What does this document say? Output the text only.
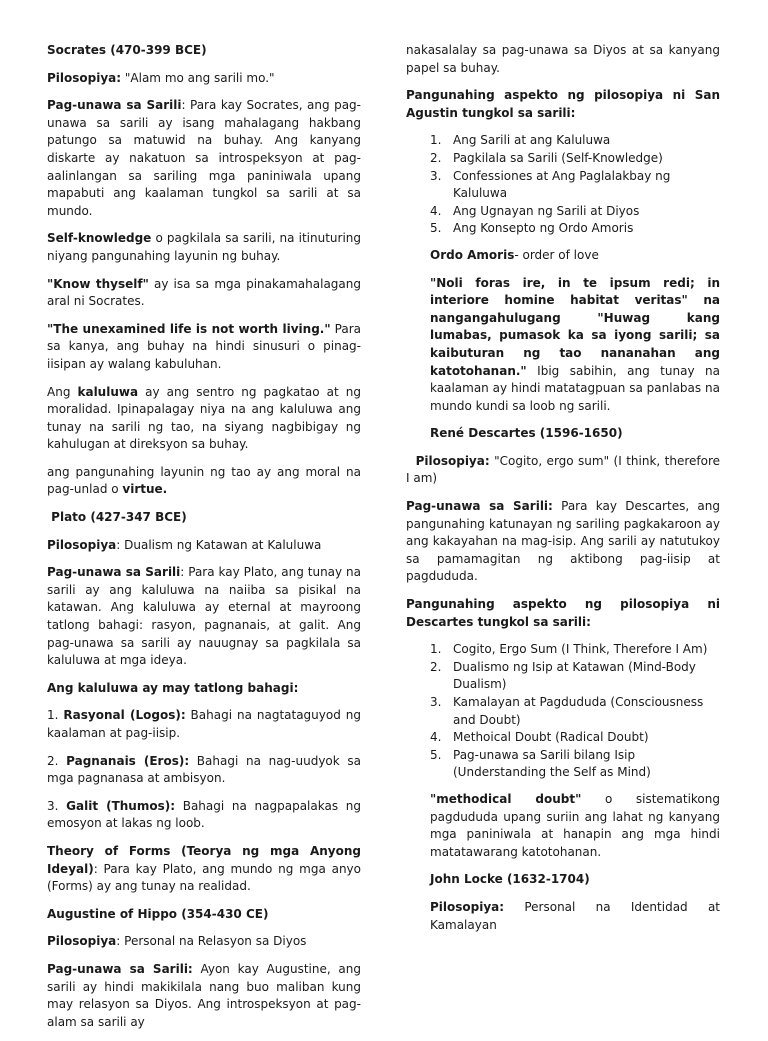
Socrates (470-399 BCE)

Pilosopiya: "Alam mo ang sarili mo."

Pag-unawa sa Sarili: Para kay Socrates, ang pag-unawa sa sarili ay isang mahalagang hakbang patungo sa matuwid na buhay. Ang kanyang diskarte ay nakatuon sa introspeksyon at pag-aalinlangan sa sariling mga paniniwala upang mapabuti ang kaalaman tungkol sa sarili at sa mundo.

Self-knowledge o pagkilala sa sarili, na itinuturing niyang pangunahing layunin ng buhay.

"Know thyself" ay isa sa mga pinakamahalagang aral ni Socrates.

"The unexamined life is not worth living." Para sa kanya, ang buhay na hindi sinusuri o pinag-iisipan ay walang kabuluhan.

Ang kaluluwa ay ang sentro ng pagkatao at ng moralidad. Ipinapalagay niya na ang kaluluwa ang tunay na sarili ng tao, na siyang nagbibigay ng kahulugan at direksyon sa buhay.

ang pangunahing layunin ng tao ay ang moral na pag-unlad o virtue.

Plato (427-347 BCE)

Pilosopiya: Dualism ng Katawan at Kaluluwa

Pag-unawa sa Sarili: Para kay Plato, ang tunay na sarili ay ang kaluluwa na naiiba sa pisikal na katawan. Ang kaluluwa ay eternal at mayroong tatlong bahagi: rasyon, pagnanais, at galit. Ang pag-unawa sa sarili ay nauugnay sa pagkilala sa kaluluwa at mga ideya.

Ang kaluluwa ay may tatlong bahagi:

1. Rasyonal (Logos): Bahagi na nagtataguyod ng kaalaman at pag-iisip.

2. Pagnanais (Eros): Bahagi na nag-uudyok sa mga pagnanasa at ambisyon.

3. Galit (Thumos): Bahagi na nagpapalakas ng emosyon at lakas ng loob.

Theory of Forms (Teorya ng mga Anyong Ideyal): Para kay Plato, ang mundo ng mga anyo (Forms) ay ang tunay na realidad.

Augustine of Hippo (354-430 CE)

Pilosopiya: Personal na Relasyon sa Diyos

Pag-unawa sa Sarili: Ayon kay Augustine, ang sarili ay hindi makikilala nang buo maliban kung may relasyon sa Diyos. Ang introspeksyon at pag-alam sa sarili ay

nakasalalay sa pag-unawa sa Diyos at sa kanyang papel sa buhay.

Pangunahing aspekto ng pilosopiya ni San Agustin tungkol sa sarili:

1. Ang Sarili at ang Kaluluwa
2. Pagkilala sa Sarili (Self-Knowledge)
3. Confessiones at Ang Paglalakbay ng Kaluluwa
4. Ang Ugnayan ng Sarili at Diyos
5. Ang Konsepto ng Ordo Amoris

Ordo Amoris- order of love

"Noli foras ire, in te ipsum redi; in interiore homine habitat veritas" na nangangahulugang "Huwag kang lumabas, pumasok ka sa iyong sarili; sa kaibuturan ng tao nananahan ang katotohanan." Ibig sabihin, ang tunay na kaalaman ay hindi matatagpuan sa panlabas na mundo kundi sa loob ng sarili.

René Descartes (1596-1650)

Pilosopiya: "Cogito, ergo sum" (I think, therefore I am)

Pag-unawa sa Sarili: Para kay Descartes, ang pangunahing katunayan ng sariling pagkakaroon ay ang kakayahan na mag-isip. Ang sarili ay natutukoy sa pamamagitan ng aktibong pag-iisip at pagdududa.

Pangunahing aspekto ng pilosopiya ni Descartes tungkol sa sarili:

1. Cogito, Ergo Sum (I Think, Therefore I Am)
2. Dualismo ng Isip at Katawan (Mind-Body Dualism)
3. Kamalayan at Pagdududa (Consciousness and Doubt)
4. Methoical Doubt (Radical Doubt)
5. Pag-unawa sa Sarili bilang Isip (Understanding the Self as Mind)

"methodical doubt" o sistematikong pagdududa upang suriin ang lahat ng kanyang mga paniniwala at hanapin ang mga hindi matatawarang katotohanan.

John Locke (1632-1704)

Pilosopiya: Personal na Identidad at Kamalayan
